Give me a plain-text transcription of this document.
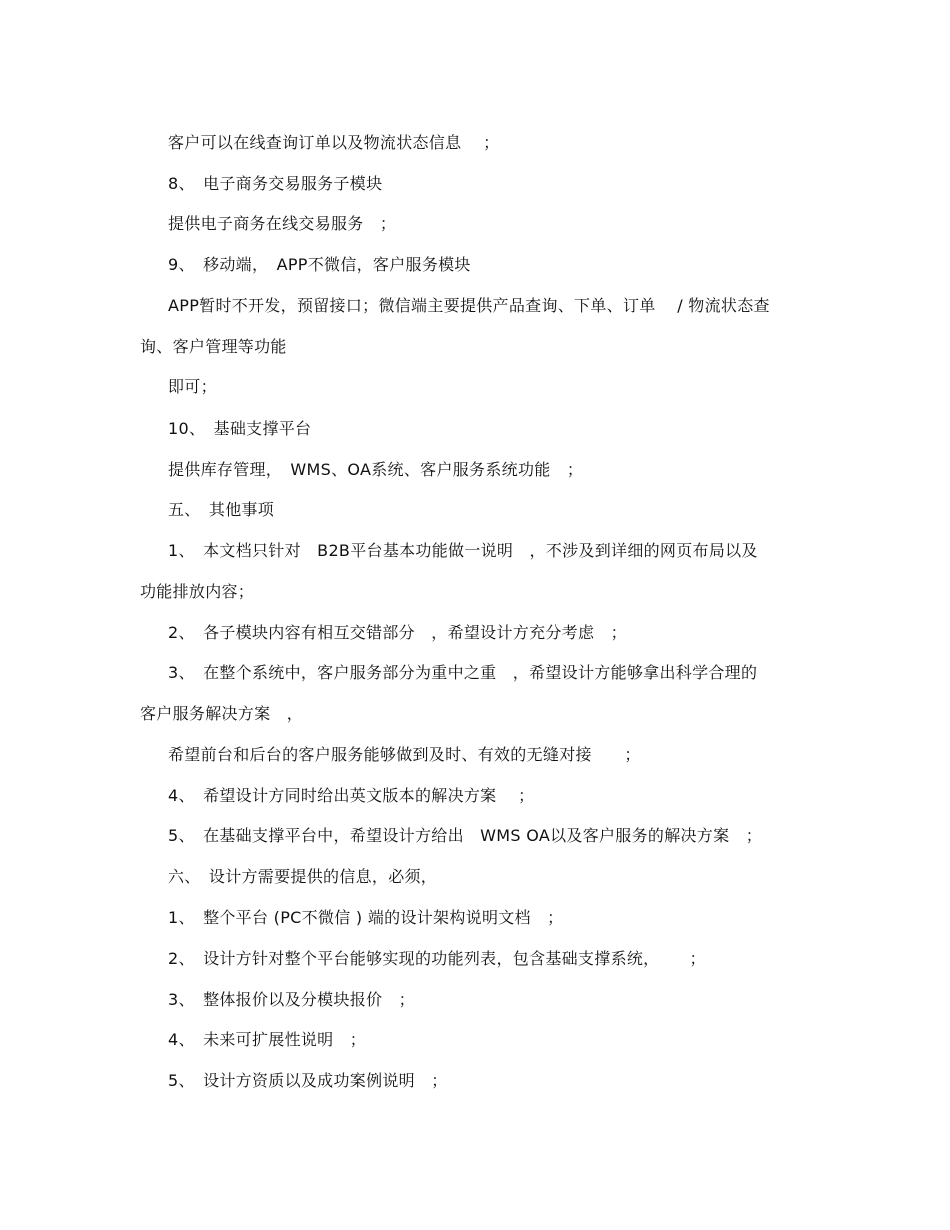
客户可以在线查询订单以及物流状态信息　 ；
8、　电子商务交易服务子模块
提供电子商务在线交易服务　；
9、　移动端，　APP不微信，客户服务模块
APP暂时不开发，预留接口；微信端主要提供产品查询、下单、订单　 / 物流状态查
询、客户管理等功能
即可；
10、　基础支撑平台
提供库存管理，　WMS、OA系统、客户服务系统功能　；
五、　其他事项
1、　本文档只针对　B2B平台基本功能做一说明　，不涉及到详细的网页布局以及
功能排放内容；
2、　各子模块内容有相互交错部分　，希望设计方充分考虑　；
3、　在整个系统中，客户服务部分为重中之重　，希望设计方能够拿出科学合理的
客户服务解决方案　，
希望前台和后台的客户服务能够做到及时、有效的无缝对接　　；
4、　希望设计方同时给出英文版本的解决方案　 ；
5、　在基础支撑平台中，希望设计方给出　WMS OA以及客户服务的解决方案　；
六、　设计方需要提供的信息，必须，
1、　整个平台 (PC不微信 ) 端的设计架构说明文档　；
2、　设计方针对整个平台能够实现的功能列表，包含基础支撑系统，　　 ；
3、　整体报价以及分模块报价　；
4、　未来可扩展性说明　；
5、　设计方资质以及成功案例说明　；
